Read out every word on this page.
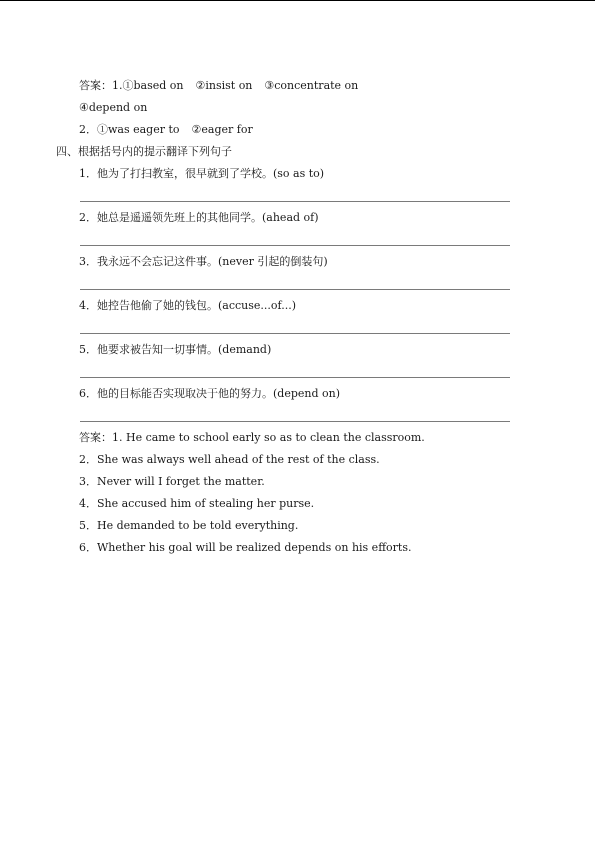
答案：1.①based on ②insist on ③concentrate on
④depend on
2．①was eager to ②eager for
四、根据括号内的提示翻译下列句子
1．他为了打扫教室，很早就到了学校。(so as to)
2．她总是遥遥领先班上的其他同学。(ahead of)
3．我永远不会忘记这件事。(never 引起的倒装句)
4．她控告他偷了她的钱包。(accuse...of...)
5．他要求被告知一切事情。(demand)
6．他的目标能否实现取决于他的努力。(depend on)
答案：1. He came to school early so as to clean the classroom.
2．She was always well ahead of the rest of the class.
3．Never will I forget the matter.
4．She accused him of stealing her purse.
5．He demanded to be told everything.
6．Whether his goal will be realized depends on his efforts.
